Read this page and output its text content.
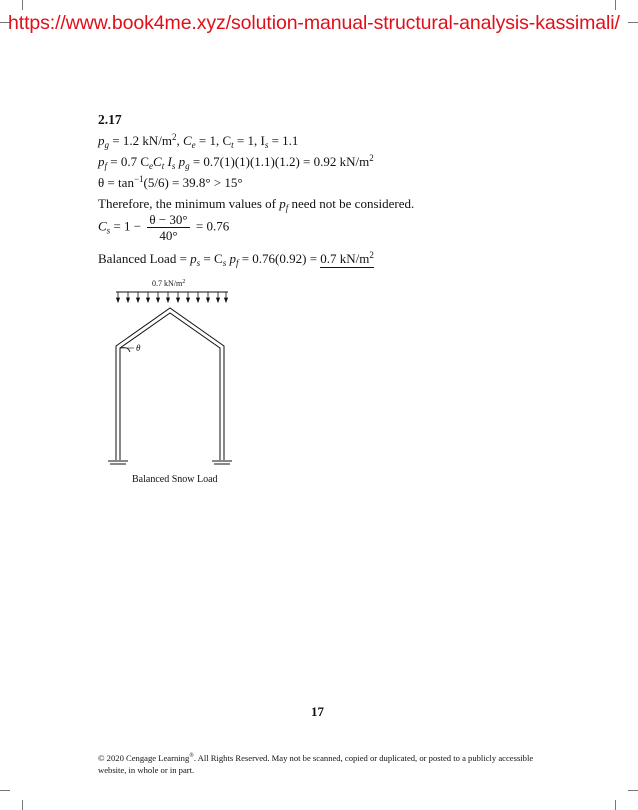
https://www.book4me.xyz/solution-manual-structural-analysis-kassimali/
2.17
$p_g = 1.2$ $kN/m^2$, $C_e = 1$, $C_t = 1$, $I_s = 1.1$
$p_f = 0.7$ $C_eC_t$ $I_s$ $p_g = 0.7(1)(1)(1.1)(1.2) = 0.92$ $kN/m^2$
$\theta = \tan^{-1}(5/6) = 39.8^\circ > 15^\circ$
Therefore, the minimum values of $p_f$ need not be considered.
$C_s = 1 - \frac{\theta - 30^\circ}{40^\circ} = 0.76$
Balanced Load = $p_s = C_s$ $p_f = 0.76(0.92) = 0.7$ $kN/m^2$
0.7 $kN/m^2$
θ
Balanced Snow Load
17
© 2020 Cengage Learning®. All Rights Reserved. May not be scanned, copied or duplicated, or posted to a publicly accessible website, in whole or in part.
